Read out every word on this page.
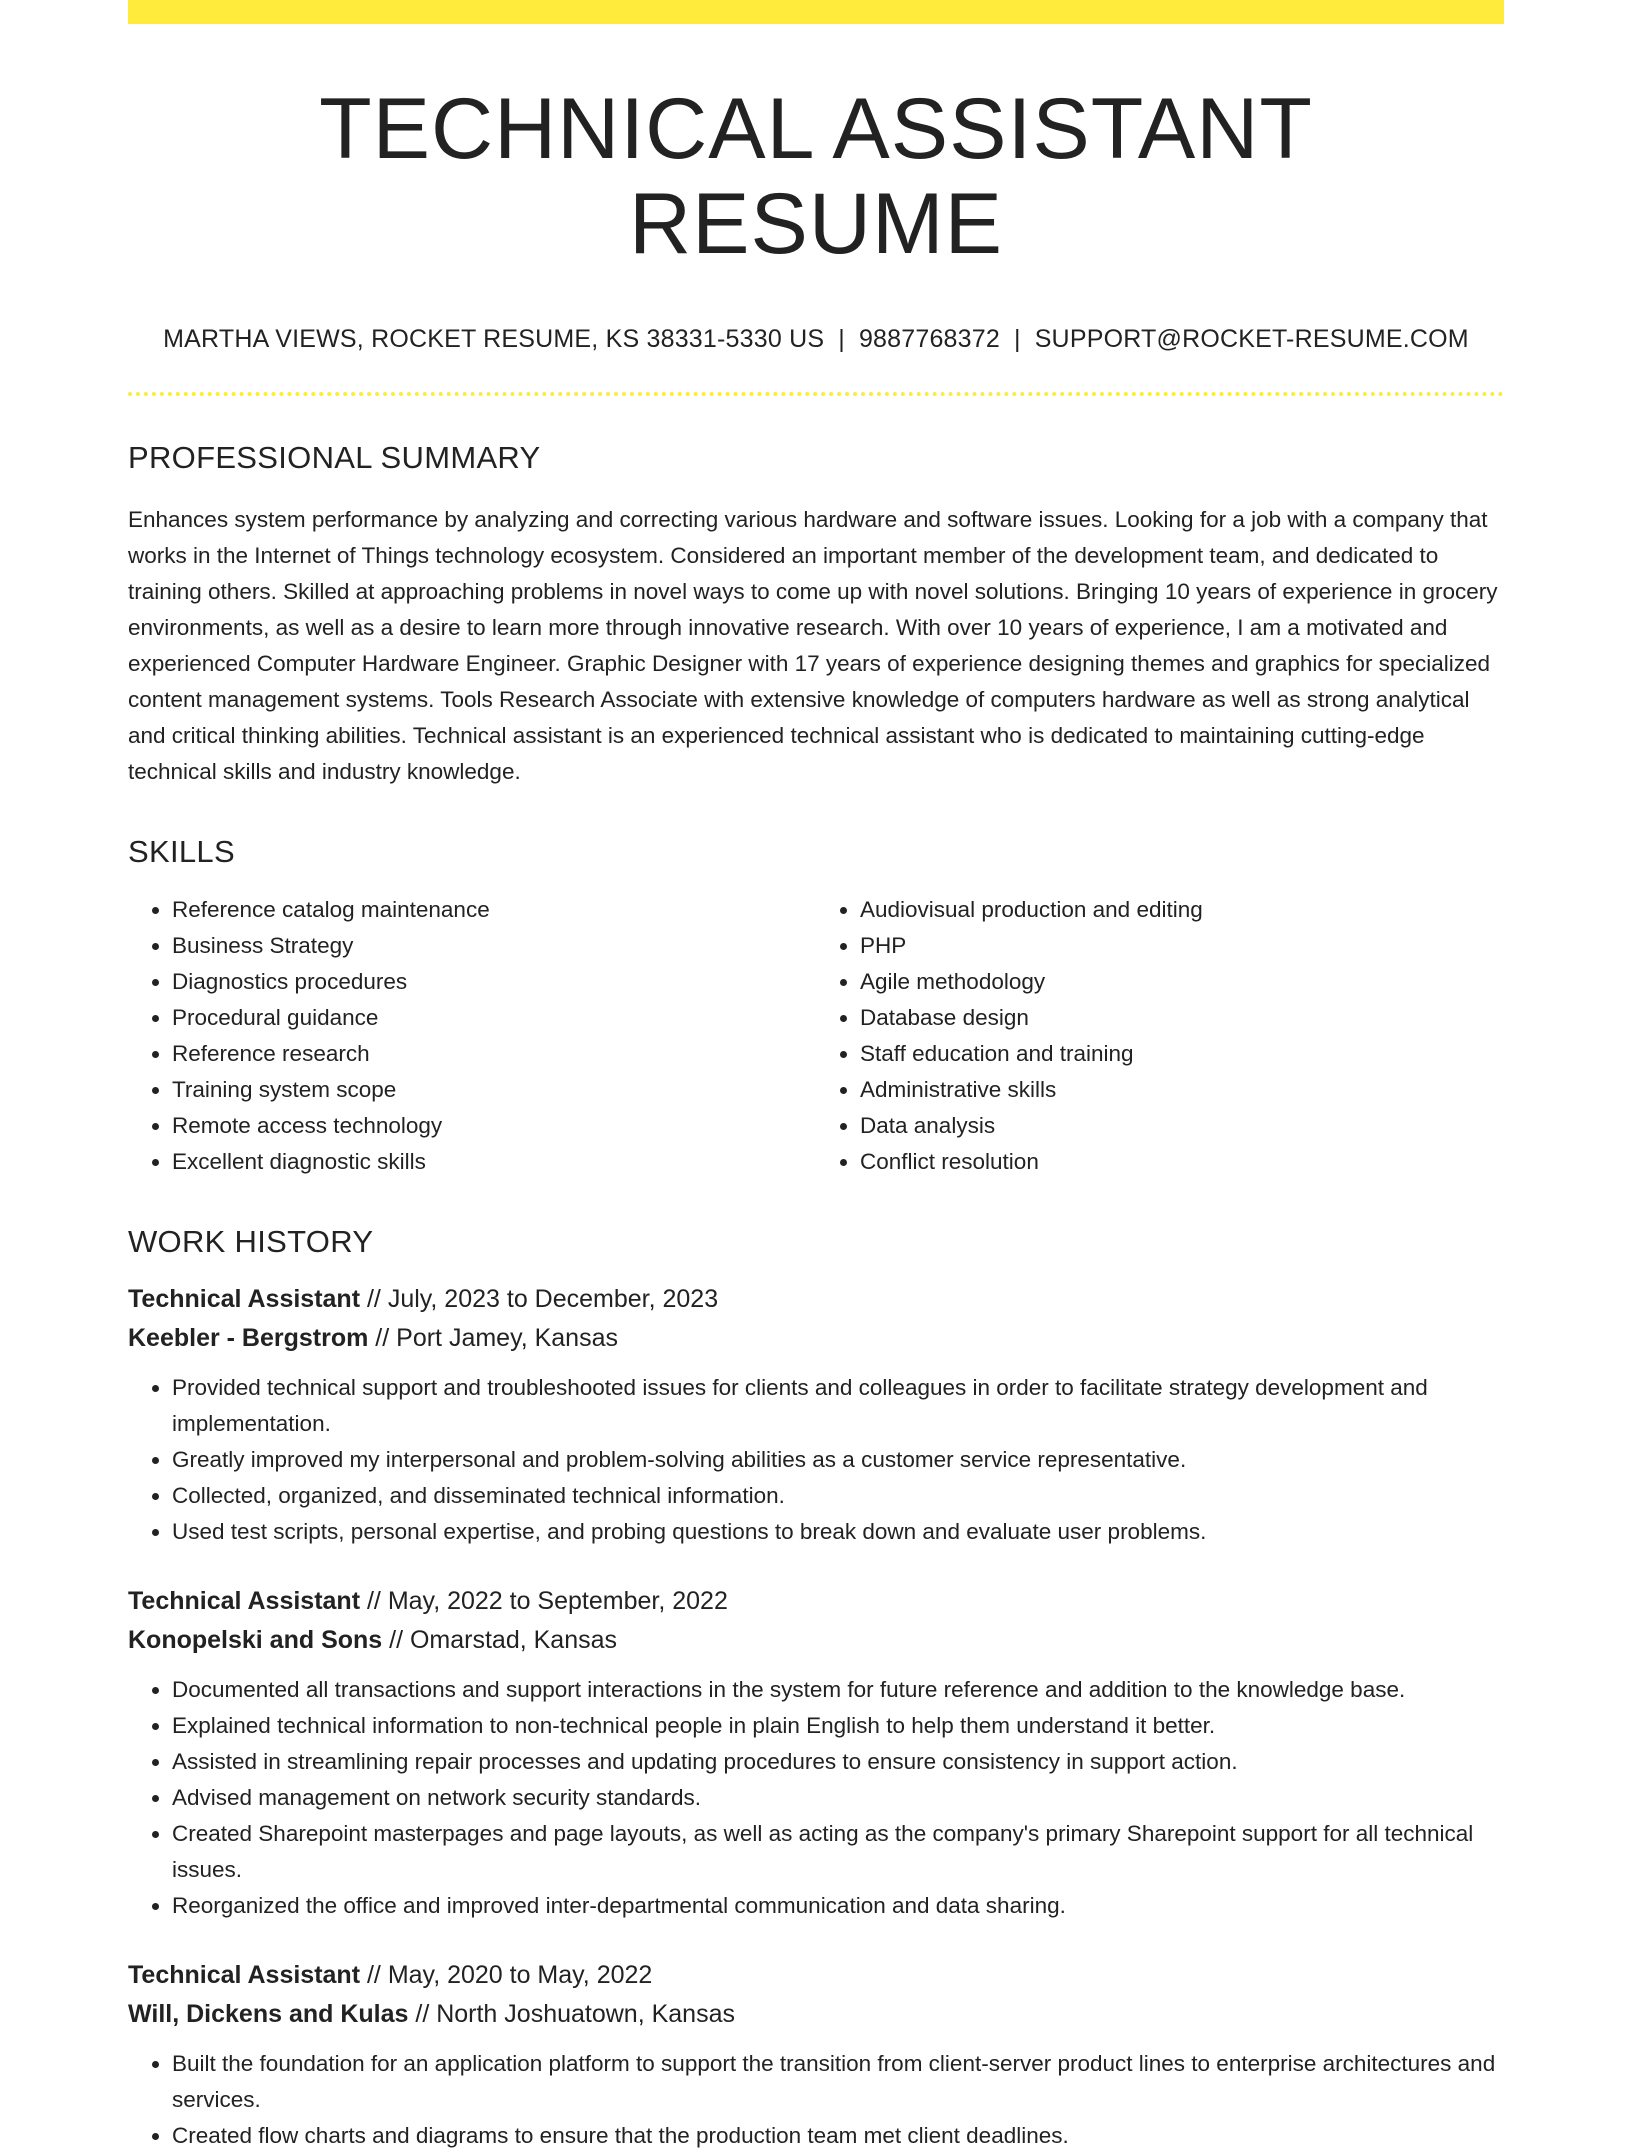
TECHNICAL ASSISTANT RESUME
MARTHA VIEWS, ROCKET RESUME, KS 38331-5330 US | 9887768372 | SUPPORT@ROCKET-RESUME.COM
PROFESSIONAL SUMMARY
Enhances system performance by analyzing and correcting various hardware and software issues. Looking for a job with a company that works in the Internet of Things technology ecosystem. Considered an important member of the development team, and dedicated to training others. Skilled at approaching problems in novel ways to come up with novel solutions. Bringing 10 years of experience in grocery environments, as well as a desire to learn more through innovative research. With over 10 years of experience, I am a motivated and experienced Computer Hardware Engineer. Graphic Designer with 17 years of experience designing themes and graphics for specialized content management systems. Tools Research Associate with extensive knowledge of computers hardware as well as strong analytical and critical thinking abilities. Technical assistant is an experienced technical assistant who is dedicated to maintaining cutting-edge technical skills and industry knowledge.
SKILLS
• Reference catalog maintenance
• Business Strategy
• Diagnostics procedures
• Procedural guidance
• Reference research
• Training system scope
• Remote access technology
• Excellent diagnostic skills
• Audiovisual production and editing
• PHP
• Agile methodology
• Database design
• Staff education and training
• Administrative skills
• Data analysis
• Conflict resolution
WORK HISTORY
Technical Assistant // July, 2023 to December, 2023
Keebler - Bergstrom // Port Jamey, Kansas
• Provided technical support and troubleshooted issues for clients and colleagues in order to facilitate strategy development and implementation.
• Greatly improved my interpersonal and problem-solving abilities as a customer service representative.
• Collected, organized, and disseminated technical information.
• Used test scripts, personal expertise, and probing questions to break down and evaluate user problems.
Technical Assistant // May, 2022 to September, 2022
Konopelski and Sons // Omarstad, Kansas
• Documented all transactions and support interactions in the system for future reference and addition to the knowledge base.
• Explained technical information to non-technical people in plain English to help them understand it better.
• Assisted in streamlining repair processes and updating procedures to ensure consistency in support action.
• Advised management on network security standards.
• Created Sharepoint masterpages and page layouts, as well as acting as the company's primary Sharepoint support for all technical issues.
• Reorganized the office and improved inter-departmental communication and data sharing.
Technical Assistant // May, 2020 to May, 2022
Will, Dickens and Kulas // North Joshuatown, Kansas
• Built the foundation for an application platform to support the transition from client-server product lines to enterprise architectures and services.
• Created flow charts and diagrams to ensure that the production team met client deadlines.
